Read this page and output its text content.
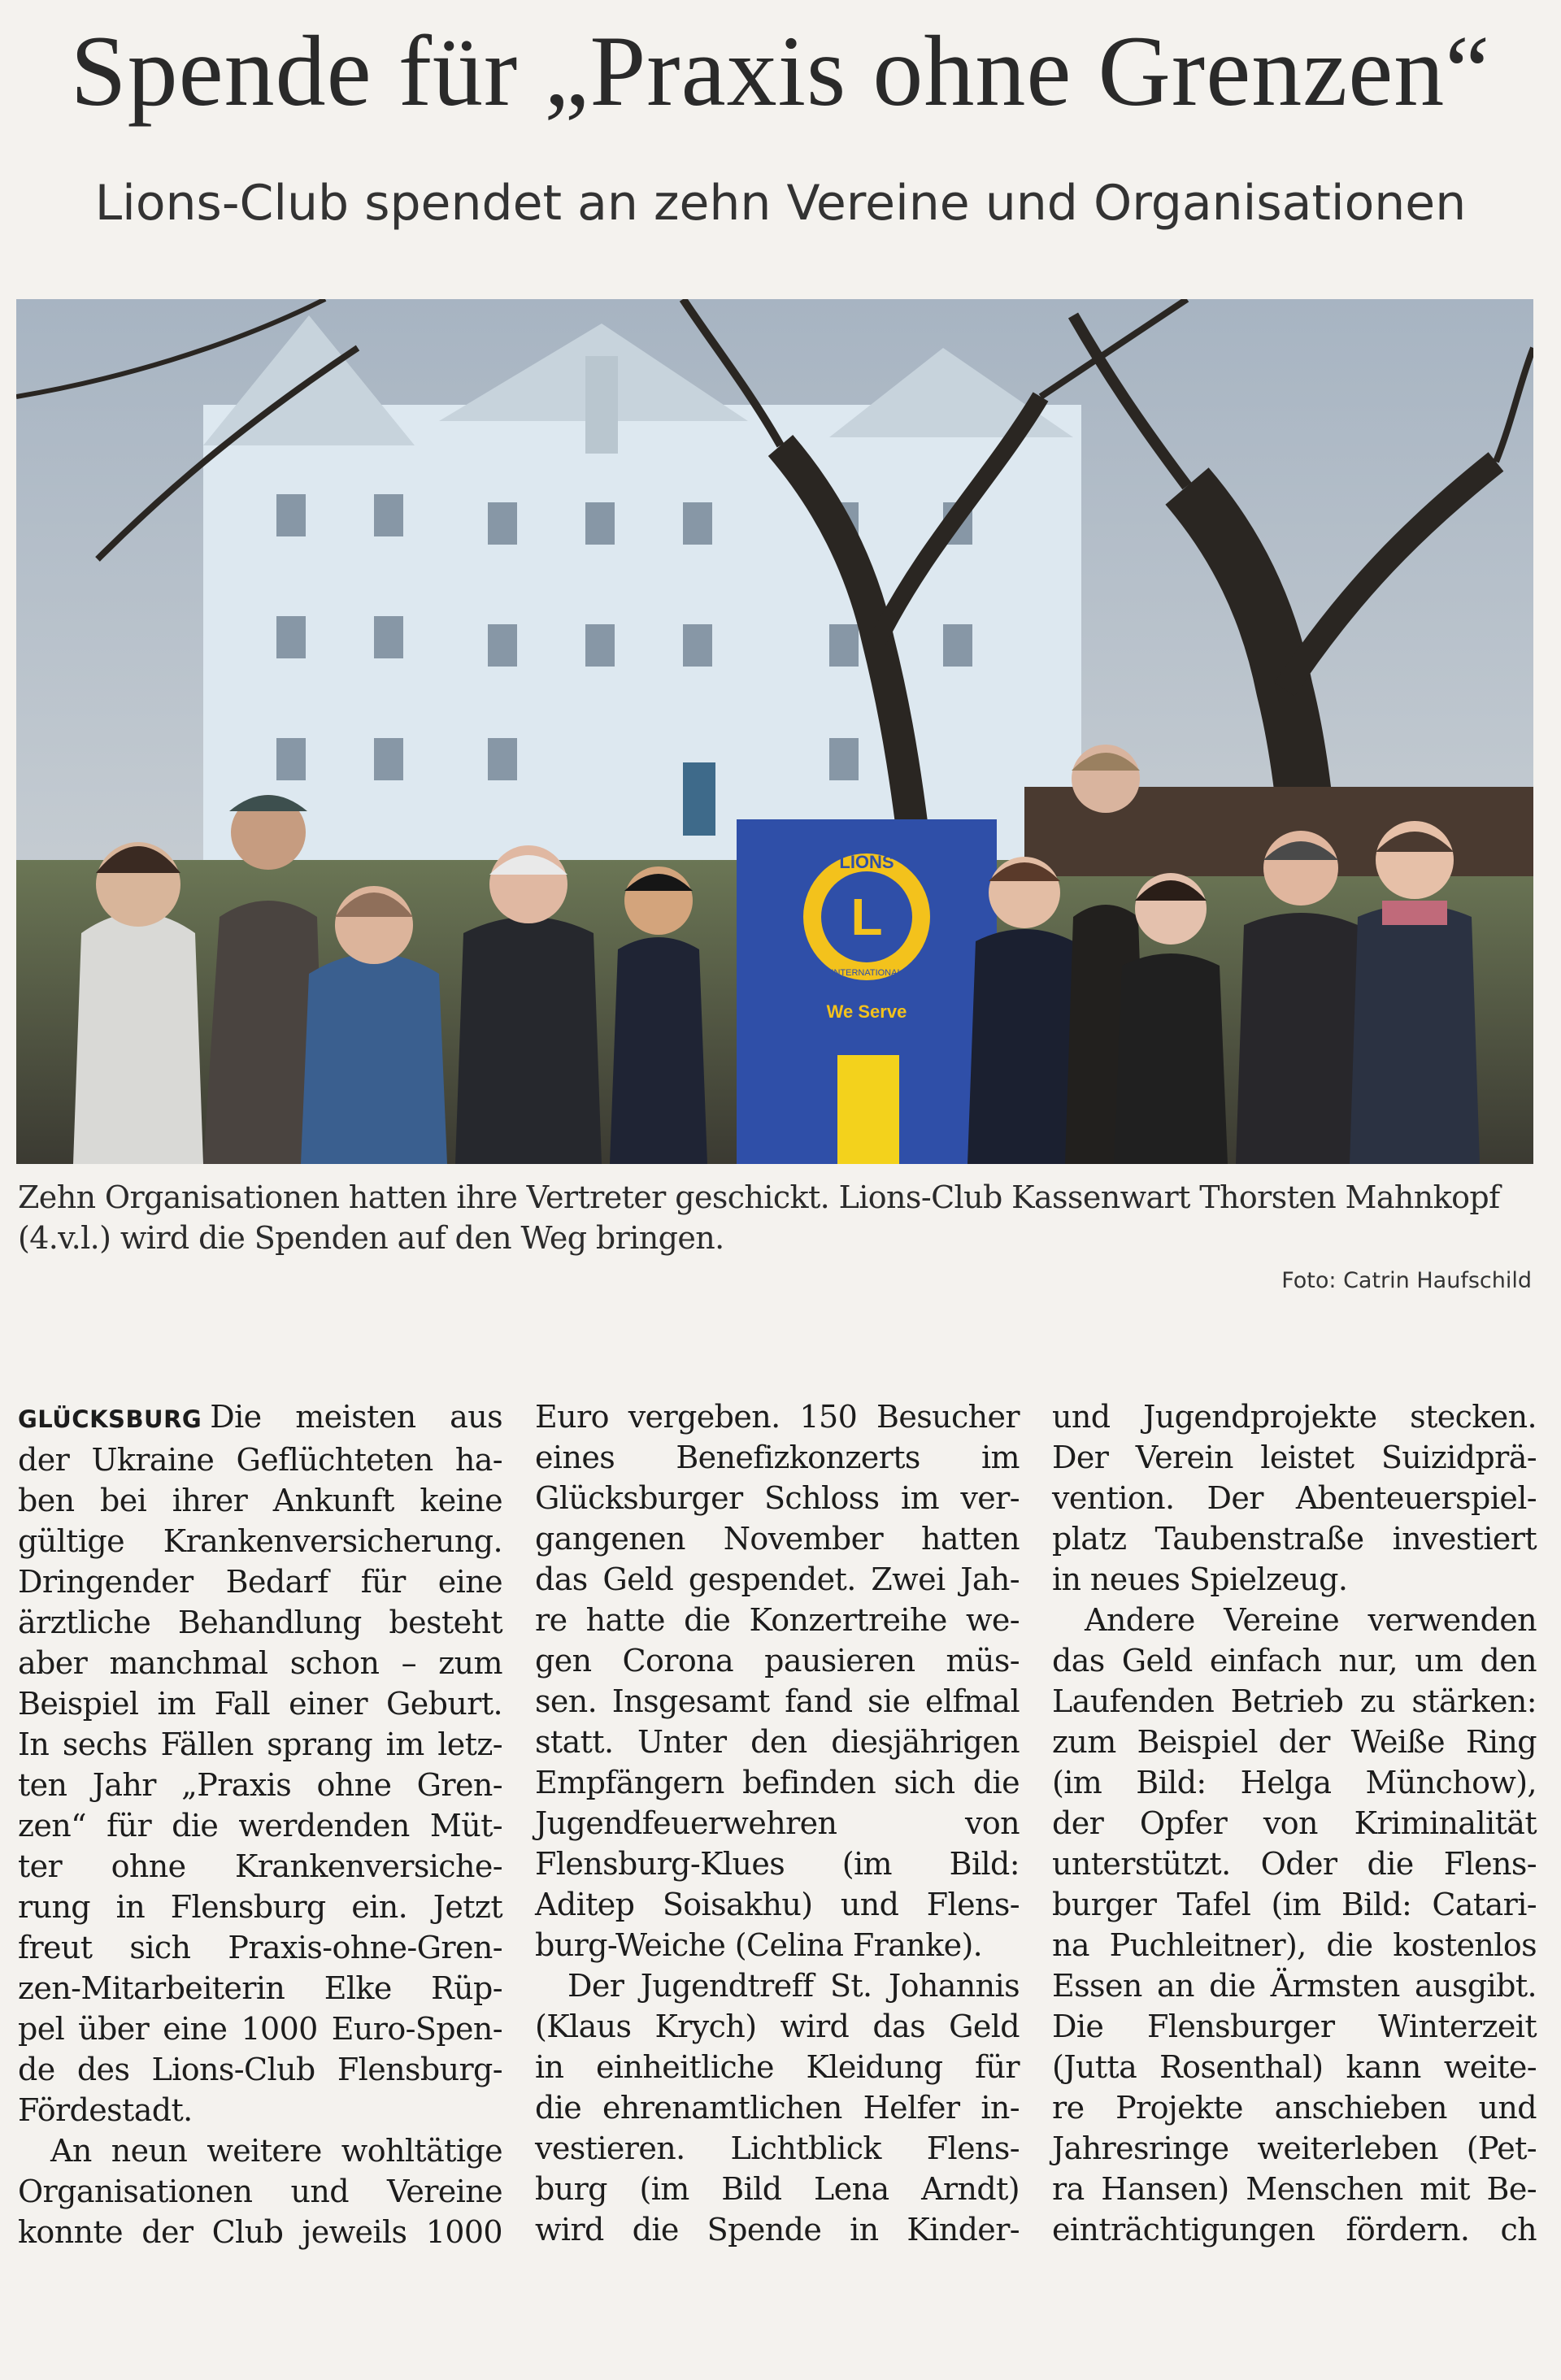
Spende für „Praxis ohne Grenzen“
Lions-Club spendet an zehn Vereine und Organisationen
L
LIONS
INTERNATIONAL
We Serve
Zehn Organisationen hatten ihre Vertreter geschickt. Lions-Club Kassenwart Thorsten Mahnkopf
(4.v.l.) wird die Spenden auf den Weg bringen.
Foto: Catrin Haufschild
GLÜCKSBURG Die meisten aus
der Ukraine Geflüchteten ha-
ben bei ihrer Ankunft keine
gültige Krankenversicherung.
Dringender Bedarf für eine
ärztliche Behandlung besteht
aber manchmal schon – zum
Beispiel im Fall einer Geburt.
In sechs Fällen sprang im letz-
ten Jahr „Praxis ohne Gren-
zen“ für die werdenden Müt-
ter ohne Krankenversiche-
rung in Flensburg ein. Jetzt
freut sich Praxis-ohne-Gren-
zen-Mitarbeiterin Elke Rüp-
pel über eine 1000 Euro-Spen-
de des Lions-Club Flensburg-
Fördestadt.
An neun weitere wohltätige
Organisationen und Vereine
konnte der Club jeweils 1000
Euro vergeben. 150 Besucher
eines Benefizkonzerts im
Glücksburger Schloss im ver-
gangenen November hatten
das Geld gespendet. Zwei Jah-
re hatte die Konzertreihe we-
gen Corona pausieren müs-
sen. Insgesamt fand sie elfmal
statt. Unter den diesjährigen
Empfängern befinden sich die
Jugendfeuerwehren von
Flensburg-Klues (im Bild:
Aditep Soisakhu) und Flens-
burg-Weiche (Celina Franke).
Der Jugendtreff St. Johannis
(Klaus Krych) wird das Geld
in einheitliche Kleidung für
die ehrenamtlichen Helfer in-
vestieren. Lichtblick Flens-
burg (im Bild Lena Arndt)
wird die Spende in Kinder-
und Jugendprojekte stecken.
Der Verein leistet Suizidprä-
vention. Der Abenteuerspiel-
platz Taubenstraße investiert
in neues Spielzeug.
Andere Vereine verwenden
das Geld einfach nur, um den
Laufenden Betrieb zu stärken:
zum Beispiel der Weiße Ring
(im Bild: Helga Münchow),
der Opfer von Kriminalität
unterstützt. Oder die Flens-
burger Tafel (im Bild: Catari-
na Puchleitner), die kostenlos
Essen an die Ärmsten ausgibt.
Die Flensburger Winterzeit
(Jutta Rosenthal) kann weite-
re Projekte anschieben und
Jahresringe weiterleben (Pet-
ra Hansen) Menschen mit Be-
einträchtigungen fördern. ch
